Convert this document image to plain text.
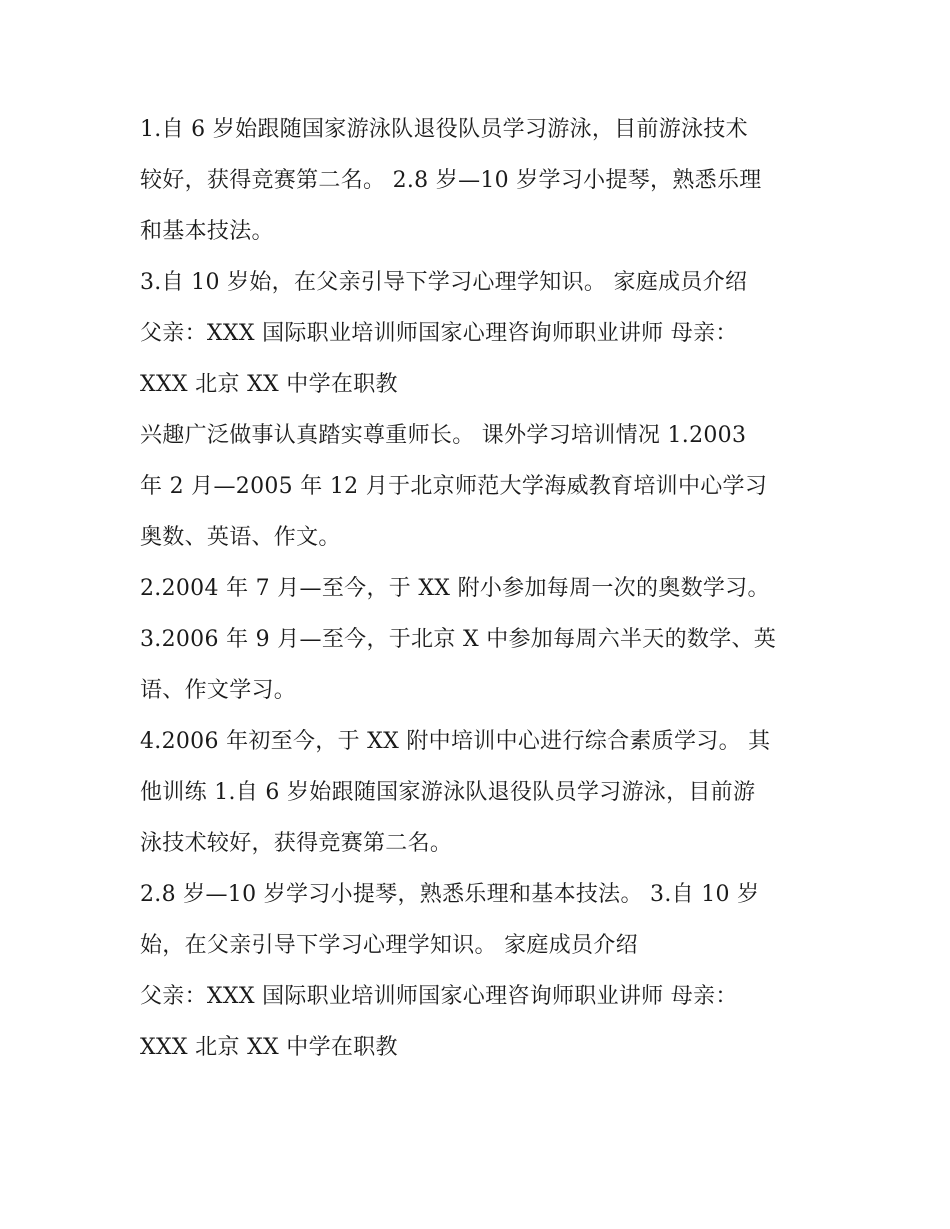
1.自 6 岁始跟随国家游泳队退役队员学习游泳，目前游泳技术
较好，获得竞赛第二名。 2.8 岁—10 岁学习小提琴，熟悉乐理
和基本技法。
3.自 10 岁始，在父亲引导下学习心理学知识。 家庭成员介绍
父亲：XXX 国际职业培训师国家心理咨询师职业讲师 母亲：
XXX 北京 XX 中学在职教
兴趣广泛做事认真踏实尊重师长。 课外学习培训情况 1.2003
年 2 月—2005 年 12 月于北京师范大学海威教育培训中心学习
奥数、英语、作文。
2.2004 年 7 月—至今，于 XX 附小参加每周一次的奥数学习。
3.2006 年 9 月—至今，于北京 X 中参加每周六半天的数学、英
语、作文学习。
4.2006 年初至今，于 XX 附中培训中心进行综合素质学习。 其
他训练 1.自 6 岁始跟随国家游泳队退役队员学习游泳，目前游
泳技术较好，获得竞赛第二名。
2.8 岁—10 岁学习小提琴，熟悉乐理和基本技法。 3.自 10 岁
始，在父亲引导下学习心理学知识。 家庭成员介绍
父亲：XXX 国际职业培训师国家心理咨询师职业讲师 母亲：
XXX 北京 XX 中学在职教
